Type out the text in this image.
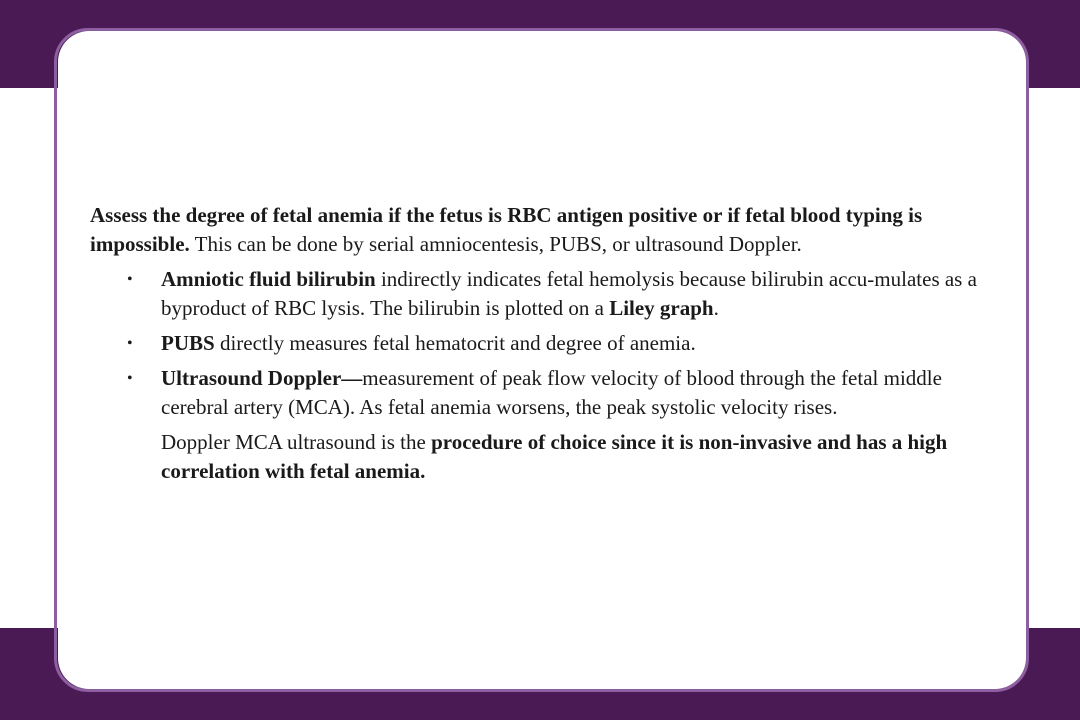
Assess the degree of fetal anemia if the fetus is RBC antigen positive or if fetal blood typing is impossible. This can be done by serial amniocentesis, PUBS, or ultrasound Doppler.

• Amniotic fluid bilirubin indirectly indicates fetal hemolysis because bilirubin accu-mulates as a byproduct of RBC lysis. The bilirubin is plotted on a Liley graph.
• PUBS directly measures fetal hematocrit and degree of anemia.
• Ultrasound Doppler—measurement of peak flow velocity of blood through the fetal middle cerebral artery (MCA). As fetal anemia worsens, the peak systolic velocity rises.

Doppler MCA ultrasound is the procedure of choice since it is non-invasive and has a high correlation with fetal anemia.
